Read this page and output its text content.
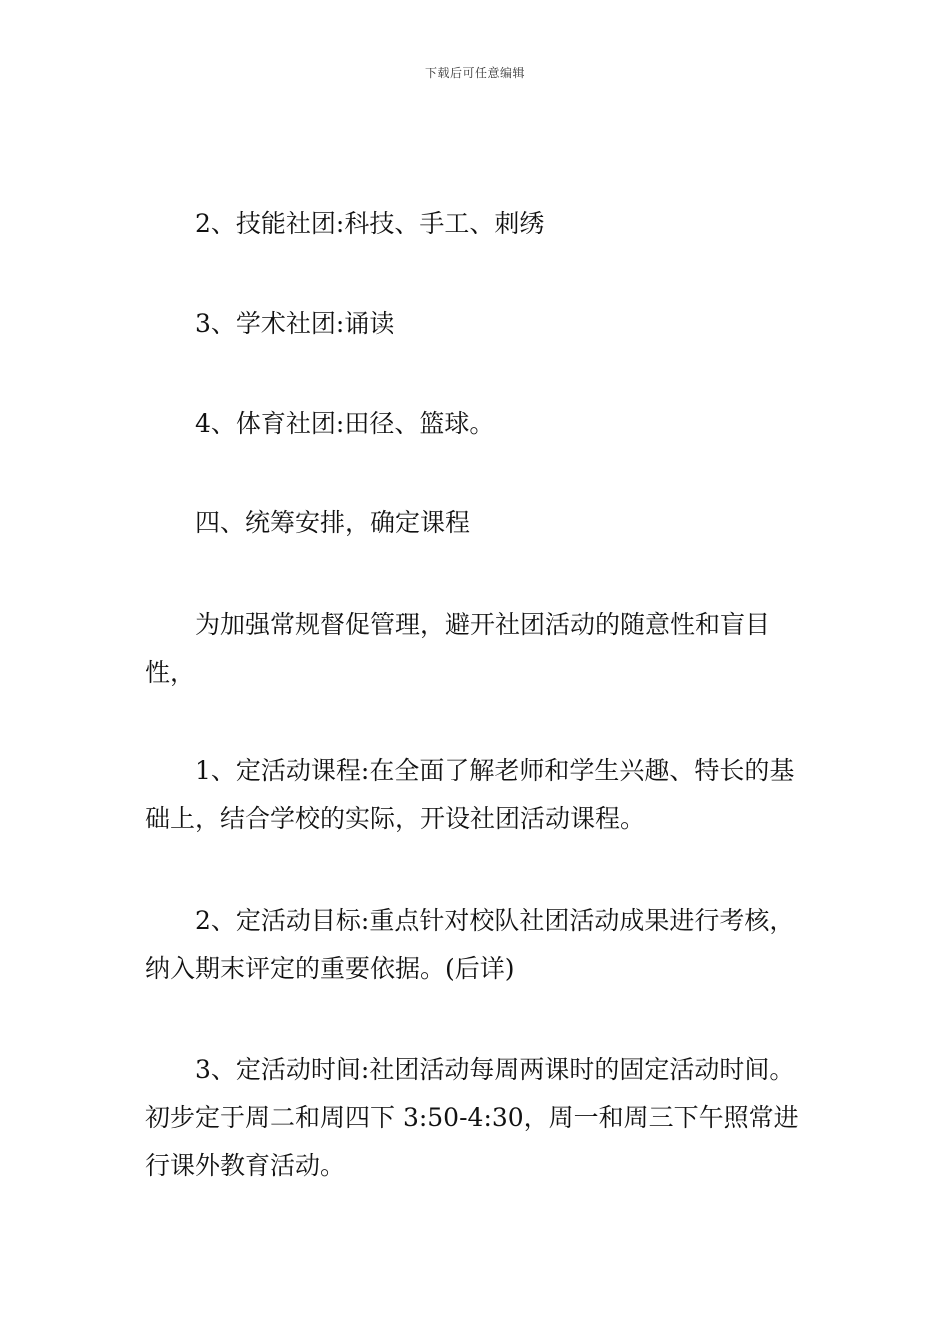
下载后可任意编辑

2、技能社团:科技、手工、刺绣

3、学术社团:诵读

4、体育社团:田径、篮球。

四、统筹安排，确定课程

为加强常规督促管理，避开社团活动的随意性和盲目性，

1、定活动课程:在全面了解老师和学生兴趣、特长的基础上，结合学校的实际，开设社团活动课程。

2、定活动目标:重点针对校队社团活动成果进行考核，纳入期末评定的重要依据。(后详)

3、定活动时间:社团活动每周两课时的固定活动时间。初步定于周二和周四下 3:50-4:30，周一和周三下午照常进行课外教育活动。
